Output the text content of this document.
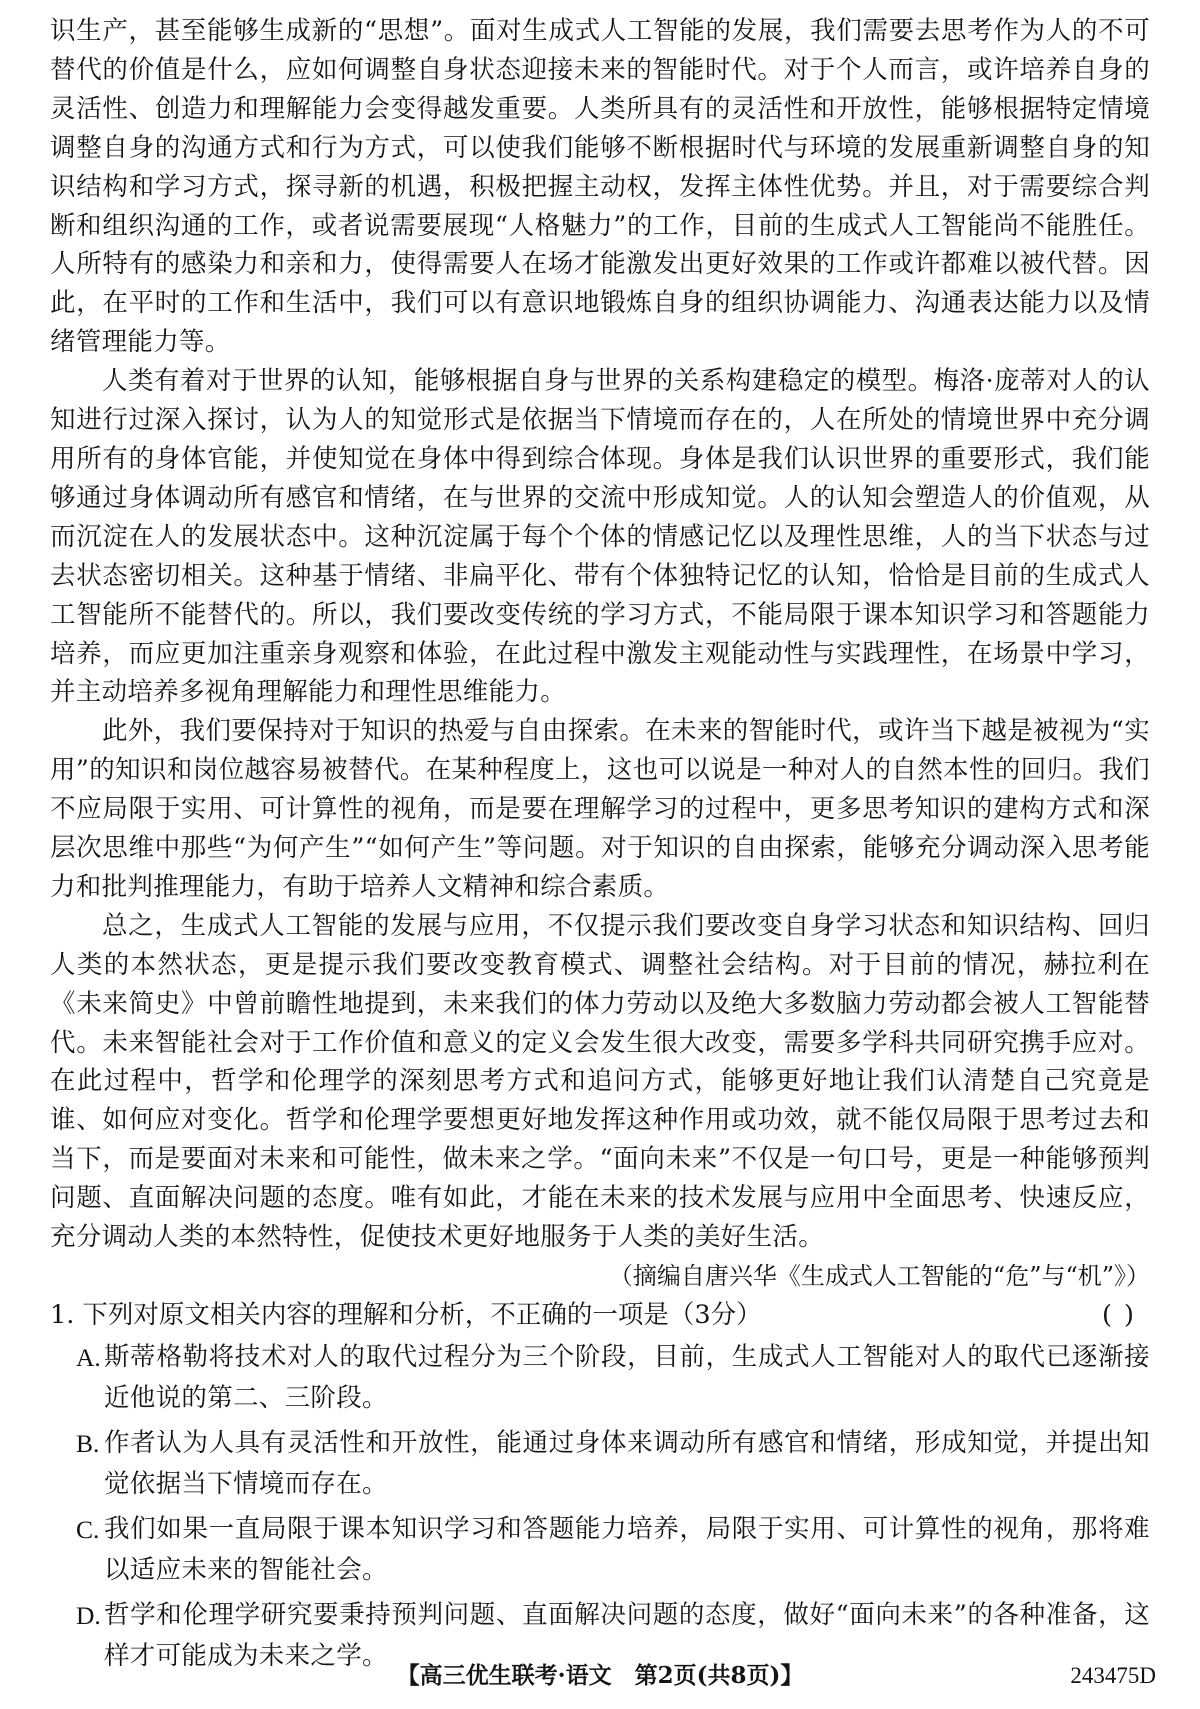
识生产，甚至能够生成新的“思想”。面对生成式人工智能的发展，我们需要去思考作为人的不可替代的价值是什么，应如何调整自身状态迎接未来的智能时代。对于个人而言，或许培养自身的灵活性、创造力和理解能力会变得越发重要。人类所具有的灵活性和开放性，能够根据特定情境调整自身的沟通方式和行为方式，可以使我们能够不断根据时代与环境的发展重新调整自身的知识结构和学习方式，探寻新的机遇，积极把握主动权，发挥主体性优势。并且，对于需要综合判断和组织沟通的工作，或者说需要展现“人格魅力”的工作，目前的生成式人工智能尚不能胜任。人所特有的感染力和亲和力，使得需要人在场才能激发出更好效果的工作或许都难以被代替。因此，在平时的工作和生活中，我们可以有意识地锻炼自身的组织协调能力、沟通表达能力以及情绪管理能力等。

人类有着对于世界的认知，能够根据自身与世界的关系构建稳定的模型。梅洛·庞蒂对人的认知进行过深入探讨，认为人的知觉形式是依据当下情境而存在的，人在所处的情境世界中充分调用所有的身体官能，并使知觉在身体中得到综合体现。身体是我们认识世界的重要形式，我们能够通过身体调动所有感官和情绪，在与世界的交流中形成知觉。人的认知会塑造人的价值观，从而沉淀在人的发展状态中。这种沉淀属于每个个体的情感记忆以及理性思维，人的当下状态与过去状态密切相关。这种基于情绪、非扁平化、带有个体独特记忆的认知，恰恰是目前的生成式人工智能所不能替代的。所以，我们要改变传统的学习方式，不能局限于课本知识学习和答题能力培养，而应更加注重亲身观察和体验，在此过程中激发主观能动性与实践理性，在场景中学习，并主动培养多视角理解能力和理性思维能力。

此外，我们要保持对于知识的热爱与自由探索。在未来的智能时代，或许当下越是被视为“实用”的知识和岗位越容易被替代。在某种程度上，这也可以说是一种对人的自然本性的回归。我们不应局限于实用、可计算性的视角，而是要在理解学习的过程中，更多思考知识的建构方式和深层次思维中那些“为何产生”“如何产生”等问题。对于知识的自由探索，能够充分调动深入思考能力和批判推理能力，有助于培养人文精神和综合素质。

总之，生成式人工智能的发展与应用，不仅提示我们要改变自身学习状态和知识结构、回归人类的本然状态，更是提示我们要改变教育模式、调整社会结构。对于目前的情况，赫拉利在《未来简史》中曾前瞻性地提到，未来我们的体力劳动以及绝大多数脑力劳动都会被人工智能替代。未来智能社会对于工作价值和意义的定义会发生很大改变，需要多学科共同研究携手应对。在此过程中，哲学和伦理学的深刻思考方式和追问方式，能够更好地让我们认清楚自己究竟是谁、如何应对变化。哲学和伦理学要想更好地发挥这种作用或功效，就不能仅局限于思考过去和当下，而是要面对未来和可能性，做未来之学。“面向未来”不仅是一句口号，更是一种能够预判问题、直面解决问题的态度。唯有如此，才能在未来的技术发展与应用中全面思考、快速反应，充分调动人类的本然特性，促使技术更好地服务于人类的美好生活。

（摘编自唐兴华《生成式人工智能的“危”与“机”》）

1. 下列对原文相关内容的理解和分析，不正确的一项是（3分）	( )
A. 斯蒂格勒将技术对人的取代过程分为三个阶段，目前，生成式人工智能对人的取代已逐渐接近他说的第二、三阶段。
B. 作者认为人具有灵活性和开放性，能通过身体来调动所有感官和情绪，形成知觉，并提出知觉依据当下情境而存在。
C. 我们如果一直局限于课本知识学习和答题能力培养，局限于实用、可计算性的视角，那将难以适应未来的智能社会。
D. 哲学和伦理学研究要秉持预判问题、直面解决问题的态度，做好“面向未来”的各种准备，这样才可能成为未来之学。
【高三优生联考·语文　第2页(共8页)】	243475D
